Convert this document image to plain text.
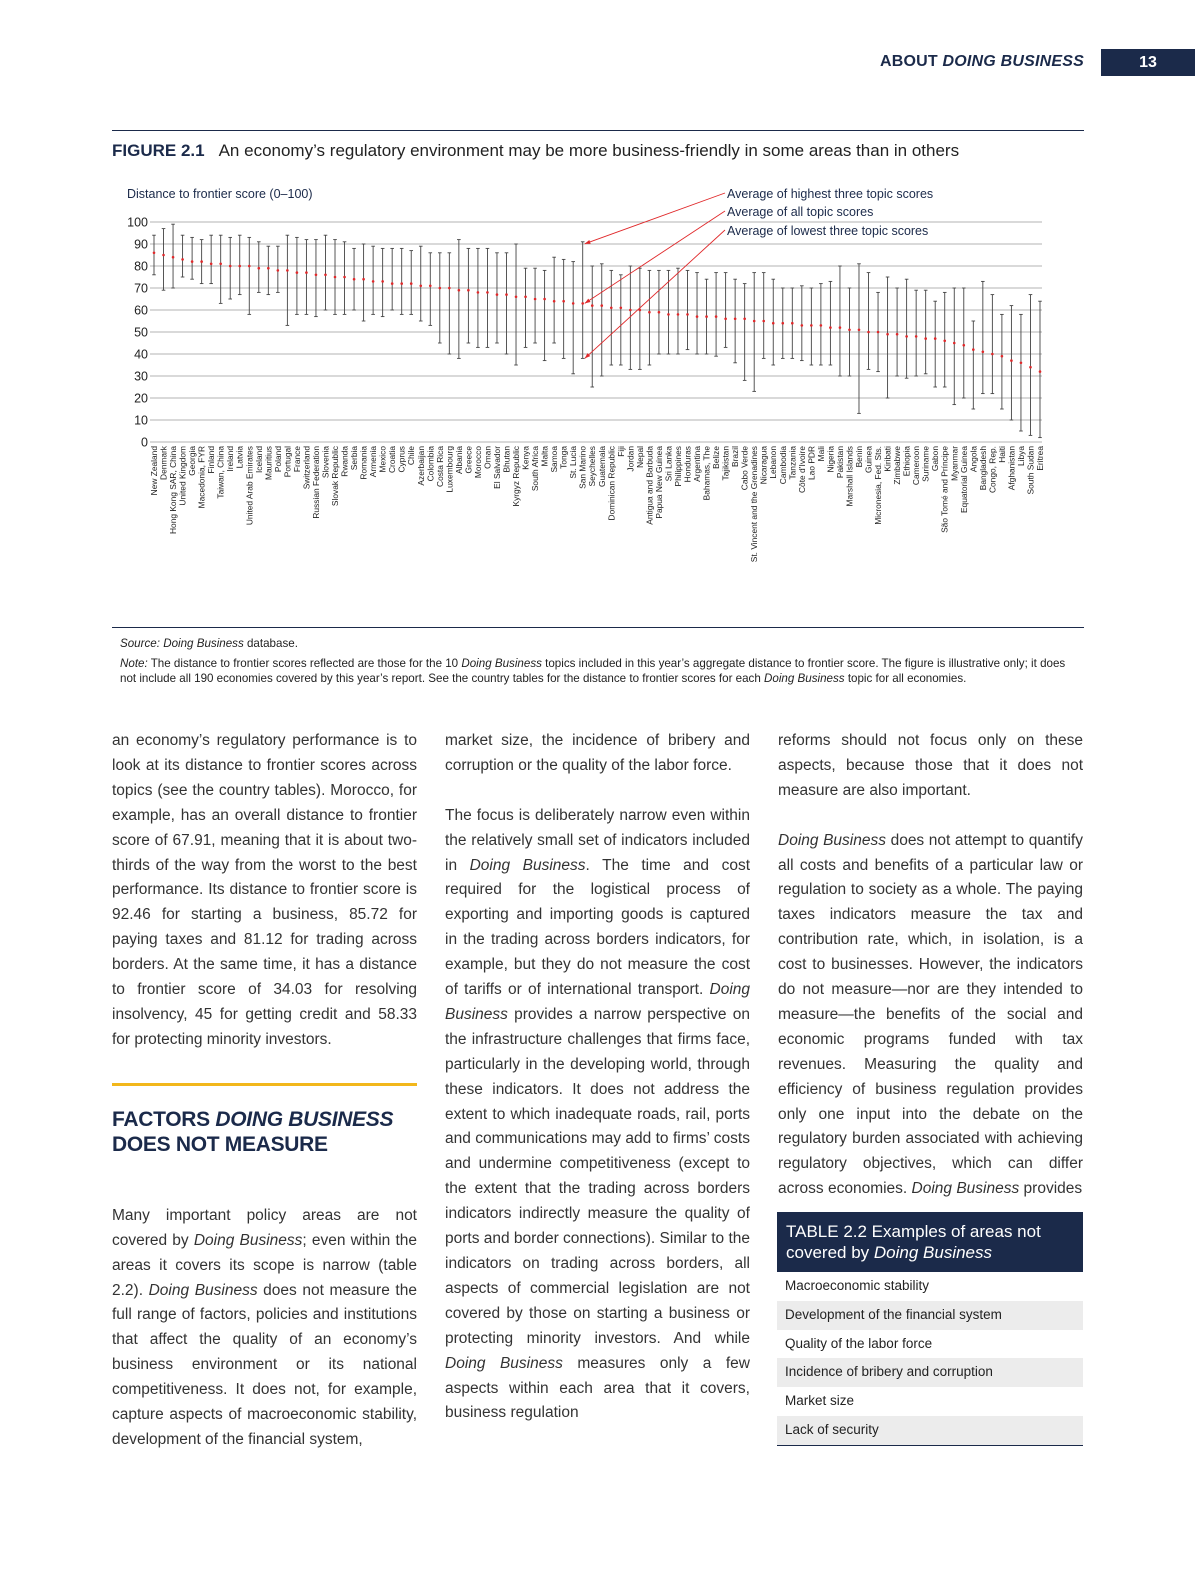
ABOUT DOING BUSINESS	13
FIGURE 2.1 An economy’s regulatory environment may be more business-friendly in some areas than in others
Distance to frontier score (0–100)
0
10
20
30
40
50
60
70
80
90
100
New Zealand Denmark Hong Kong SAR, China United Kingdom Georgia Macedonia, FYR Finland Taiwan, China Ireland Latvia United Arab Emirates Iceland Mauritius Poland Portugal France Switzerland Russian Federation Slovenia Slovak Republic Rwanda Serbia Romania Armenia Mexico Croatia Cyprus Chile Azerbaijan Colombia Costa Rica Luxembourg Albania Greece Morocco Oman El Salvador Bhutan Kyrgyz Republic Kenya South Africa Malta Samoa Tonga St. Lucia San Marino Seychelles Guatemala Dominican Republic Fiji Jordan Nepal Antigua and Barbuda Papua New Guinea Sri Lanka Philippines Honduras Argentina Bahamas, The Belize Tajikistan Brazil Cabo Verde St. Vincent and the Grenadines Nicaragua Lebanon Cambodia Tanzania Côte d’Ivoire Lao PDR Mali Nigeria Pakistan Marshall Islands Benin Guinea Micronesia, Fed. Sts. Kiribati Zimbabwe Ethiopia Cameroon Suriname Gabon São Tomé and Príncipe Myanmar Equatorial Guinea Angola Bangladesh Congo, Rep. Haiti Afghanistan Libya South Sudan Eritrea
Average of highest three topic scores
Average of all topic scores
Average of lowest three topic scores

Source: Doing Business database.

Note: The distance to frontier scores reflected are those for the 10 Doing Business topics included in this year’s aggregate distance to frontier score. The figure is illustrative only; it does not include all 190 economies covered by this year’s report. See the country tables for the distance to frontier scores for each Doing Business topic for all economies.

an economy’s regulatory performance is to look at its distance to frontier scores across topics (see the country tables). Morocco, for example, has an overall distance to frontier score of 67.91, meaning that it is about two-thirds of the way from the worst to the best performance. Its distance to frontier score is 92.46 for starting a business, 85.72 for paying taxes and 81.12 for trading across borders. At the same time, it has a distance to frontier score of 34.03 for resolving insolvency, 45 for getting credit and 58.33 for protecting minority investors.

FACTORS DOING BUSINESS
DOES NOT MEASURE

Many important policy areas are not covered by Doing Business; even within the areas it covers its scope is narrow (table 2.2). Doing Business does not measure the full range of factors, policies and institutions that affect the quality of an economy’s business environment or its national competitiveness. It does not, for example, capture aspects of macroeconomic stability, development of the financial system,

market size, the incidence of bribery and corruption or the quality of the labor force.

The focus is deliberately narrow even within the relatively small set of indicators included in Doing Business. The time and cost required for the logistical process of exporting and importing goods is captured in the trading across borders indicators, for example, but they do not measure the cost of tariffs or of international transport. Doing Business provides a narrow perspective on the infrastructure challenges that firms face, particularly in the developing world, through these indicators. It does not address the extent to which inadequate roads, rail, ports and communications may add to firms’ costs and undermine competitiveness (except to the extent that the trading across borders indicators indirectly measure the quality of ports and border connections). Similar to the indicators on trading across borders, all aspects of commercial legislation are not covered by those on starting a business or protecting minority investors. And while Doing Business measures only a few aspects within each area that it covers, business regulation

reforms should not focus only on these aspects, because those that it does not measure are also important.

Doing Business does not attempt to quantify all costs and benefits of a particular law or regulation to society as a whole. The paying taxes indicators measure the tax and contribution rate, which, in isolation, is a cost to businesses. However, the indicators do not measure—nor are they intended to measure—the benefits of the social and economic programs funded with tax revenues. Measuring the quality and efficiency of business regulation provides only one input into the debate on the regulatory burden associated with achieving regulatory objectives, which can differ across economies. Doing Business provides

TABLE 2.2 Examples of areas not covered by Doing Business
Macroeconomic stability
Development of the financial system
Quality of the labor force
Incidence of bribery and corruption
Market size
Lack of security
